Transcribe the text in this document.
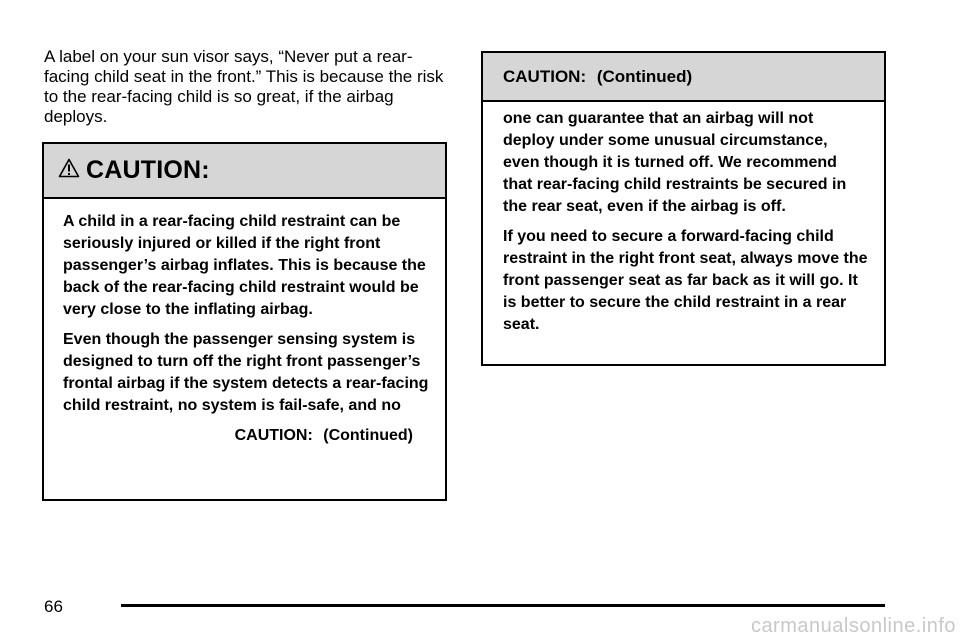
A label on your sun visor says, “Never put a rear-facing child seat in the front.” This is because the risk to the rear-facing child is so great, if the airbag deploys.

CAUTION:

A child in a rear-facing child restraint can be seriously injured or killed if the right front passenger’s airbag inflates. This is because the back of the rear-facing child restraint would be very close to the inflating airbag.

Even though the passenger sensing system is designed to turn off the right front passenger’s frontal airbag if the system detects a rear-facing child restraint, no system is fail-safe, and no

CAUTION: (Continued)
CAUTION: (Continued)

one can guarantee that an airbag will not deploy under some unusual circumstance, even though it is turned off. We recommend that rear-facing child restraints be secured in the rear seat, even if the airbag is off.

If you need to secure a forward-facing child restraint in the right front seat, always move the front passenger seat as far back as it will go. It is better to secure the child restraint in a rear seat.

66
carmanualsonline.info
